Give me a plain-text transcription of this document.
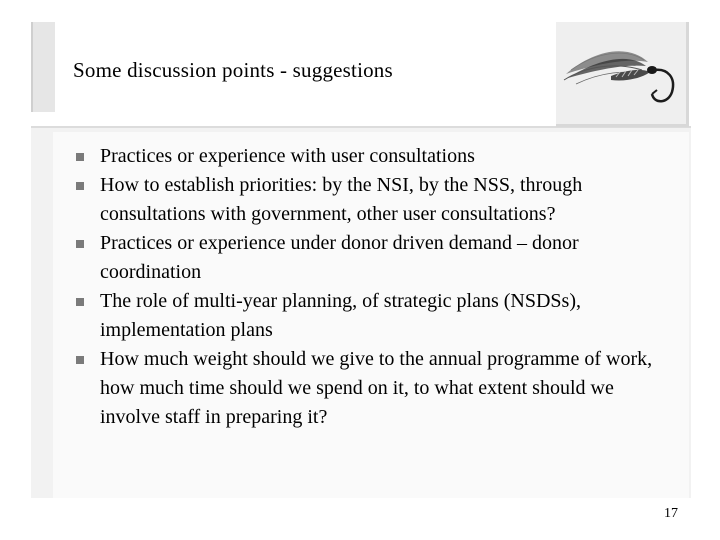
Some discussion points - suggestions
Practices or experience with user consultations
How to establish priorities: by the NSI, by the NSS, through consultations with government, other user consultations?
Practices or experience under donor driven demand – donor coordination
The role of multi-year planning, of strategic plans (NSDSs), implementation plans
How much weight should we give to the annual programme of work, how much time should we spend on it, to what extent should we involve staff in preparing it?
17
